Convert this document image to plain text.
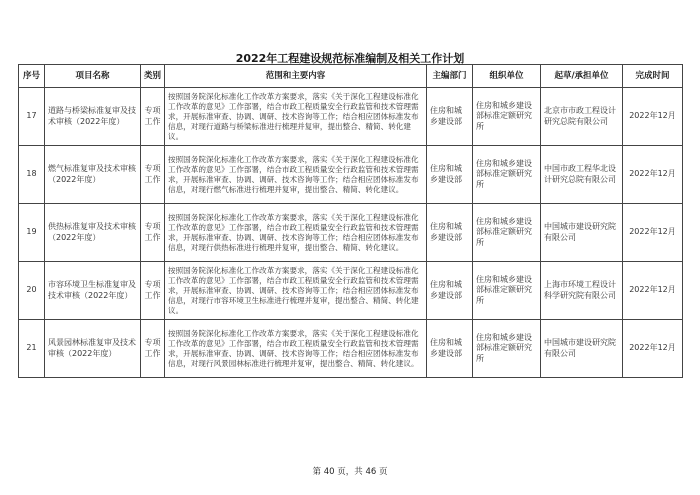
2022年工程建设规范标准编制及相关工作计划
序号	项目名称	类别	范围和主要内容	主编部门	组织单位	起草/承担单位	完成时间
17	道路与桥梁标准复审及技术审核（2022年度）	专项工作	按照国务院深化标准化工作改革方案要求，落实《关于深化工程建设标准化工作改革的意见》工作部署，结合市政工程质量安全行政监管和技术管理需求，开展标准审查、协调、调研、技术咨询等工作；结合相应团体标准发布信息，对现行道路与桥梁标准进行梳理并复审，提出整合、精简、转化建议。	住房和城乡建设部	住房和城乡建设部标准定额研究所	北京市市政工程设计研究总院有限公司	2022年12月
18	燃气标准复审及技术审核（2022年度）	专项工作	按照国务院深化标准化工作改革方案要求，落实《关于深化工程建设标准化工作改革的意见》工作部署，结合市政工程质量安全行政监管和技术管理需求，开展标准审查、协调、调研、技术咨询等工作；结合相应团体标准发布信息，对现行燃气标准进行梳理并复审，提出整合、精简、转化建议。	住房和城乡建设部	住房和城乡建设部标准定额研究所	中国市政工程华北设计研究总院有限公司	2022年12月
19	供热标准复审及技术审核（2022年度）	专项工作	按照国务院深化标准化工作改革方案要求，落实《关于深化工程建设标准化工作改革的意见》工作部署，结合市政工程质量安全行政监管和技术管理需求，开展标准审查、协调、调研、技术咨询等工作；结合相应团体标准发布信息，对现行供热标准进行梳理并复审，提出整合、精简、转化建议。	住房和城乡建设部	住房和城乡建设部标准定额研究所	中国城市建设研究院有限公司	2022年12月
20	市容环境卫生标准复审及技术审核（2022年度）	专项工作	按照国务院深化标准化工作改革方案要求，落实《关于深化工程建设标准化工作改革的意见》工作部署，结合市政工程质量安全行政监管和技术管理需求，开展标准审查、协调、调研、技术咨询等工作；结合相应团体标准发布信息，对现行市容环境卫生标准进行梳理并复审，提出整合、精简、转化建议。	住房和城乡建设部	住房和城乡建设部标准定额研究所	上海市环境工程设计科学研究院有限公司	2022年12月
21	风景园林标准复审及技术审核（2022年度）	专项工作	按照国务院深化标准化工作改革方案要求，落实《关于深化工程建设标准化工作改革的意见》工作部署，结合市政工程质量安全行政监管和技术管理需求，开展标准审查、协调、调研、技术咨询等工作；结合相应团体标准发布信息，对现行风景园林标准进行梳理并复审，提出整合、精简、转化建议。	住房和城乡建设部	住房和城乡建设部标准定额研究所	中国城市建设研究院有限公司	2022年12月
第 40 页，共 46 页
